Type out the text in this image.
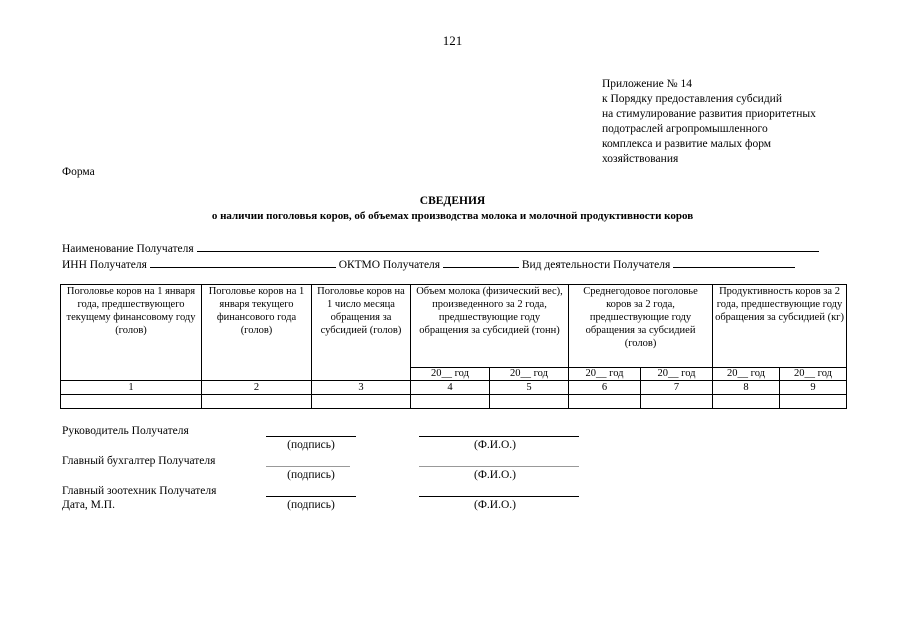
121
Приложение № 14
к Порядку предоставления субсидий
на стимулирование развития приоритетных
подотраслей агропромышленного
комплекса и развитие малых форм
хозяйствования
Форма
СВЕДЕНИЯ
о наличии поголовья коров, об объемах производства молока и молочной продуктивности коров
Наименование Получателя
ИНН Получателя	ОКТМО Получателя	Вид деятельности Получателя
Поголовье коров на 1 января года, предшествующего текущему финансовому году (голов)	Поголовье коров на 1 января текущего финансового года (голов)	Поголовье коров на 1 число месяца обращения за субсидией (голов)	Объем молока (физический вес), произведенного за 2 года, предшествующие году обращения за субсидией (тонн)		Среднегодовое поголовье коров за 2 года, предшествующие году обращения за субсидией (голов)		Продуктивность коров за 2 года, предшествующие году обращения за субсидией (кг)	
			20__ год	20__ год	20__ год	20__ год	20__ год	20__ год
1	2	3	4	5	6	7	8	9

Руководитель Получателя
(подпись)	(Ф.И.О.)
Главный бухгалтер Получателя
(подпись)	(Ф.И.О.)
Главный зоотехник Получателя
Дата, М.П.	(подпись)	(Ф.И.О.)
